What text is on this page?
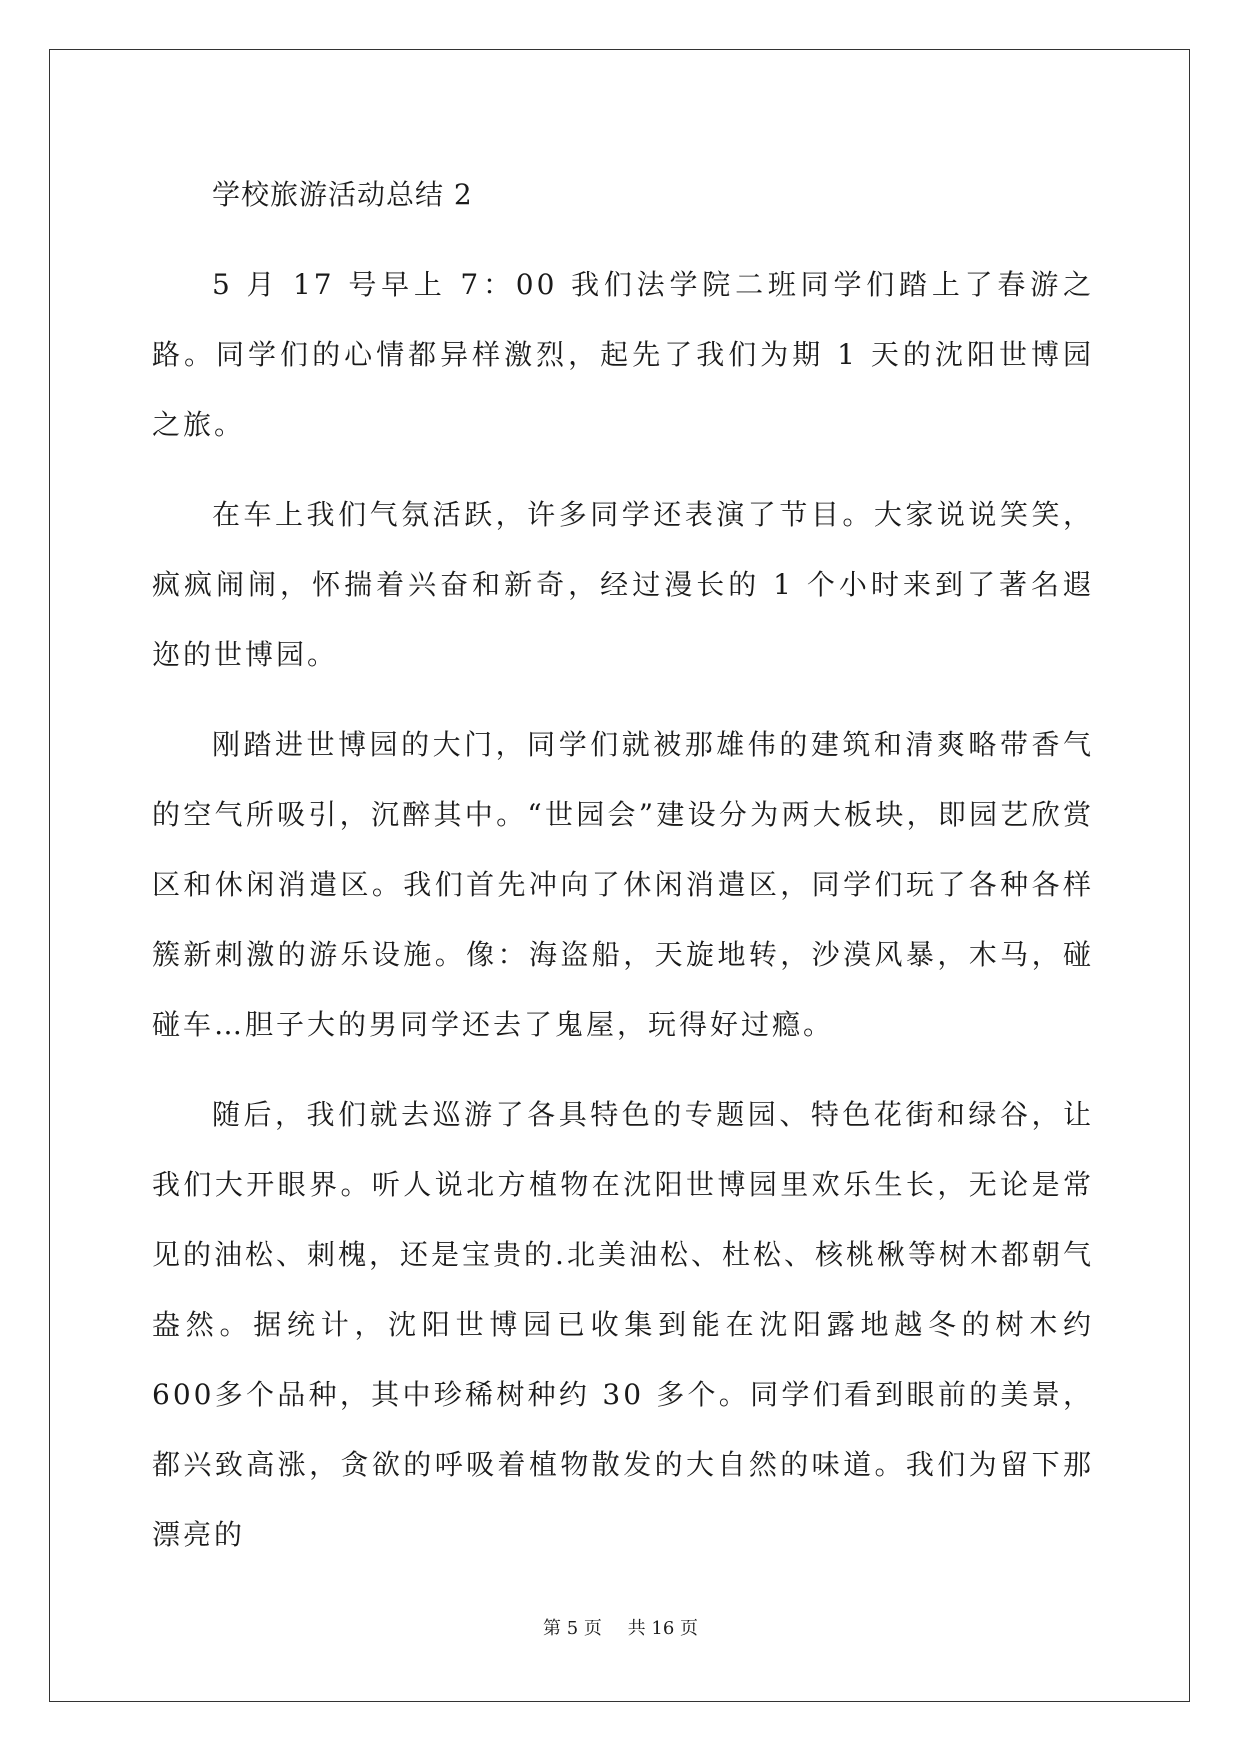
学校旅游活动总结 2

5 月 17 号早上 7：00 我们法学院二班同学们踏上了春游之路。同学们的心情都异样激烈，起先了我们为期 1 天的沈阳世博园之旅。

在车上我们气氛活跃，许多同学还表演了节目。大家说说笑笑，疯疯闹闹，怀揣着兴奋和新奇，经过漫长的 1 个小时来到了著名遐迩的世博园。

刚踏进世博园的大门，同学们就被那雄伟的建筑和清爽略带香气的空气所吸引，沉醉其中。“世园会”建设分为两大板块，即园艺欣赏区和休闲消遣区。我们首先冲向了休闲消遣区，同学们玩了各种各样簇新刺激的游乐设施。像：海盗船，天旋地转，沙漠风暴，木马，碰碰车…胆子大的男同学还去了鬼屋，玩得好过瘾。

随后，我们就去巡游了各具特色的专题园、特色花街和绿谷，让我们大开眼界。听人说北方植物在沈阳世博园里欢乐生长，无论是常见的油松、刺槐，还是宝贵的.北美油松、杜松、核桃楸等树木都朝气盎然。据统计，沈阳世博园已收集到能在沈阳露地越冬的树木约 600多个品种，其中珍稀树种约 30 多个。同学们看到眼前的美景，都兴致高涨，贪欲的呼吸着植物散发的大自然的味道。我们为留下那漂亮的

第 5 页 共 16 页
